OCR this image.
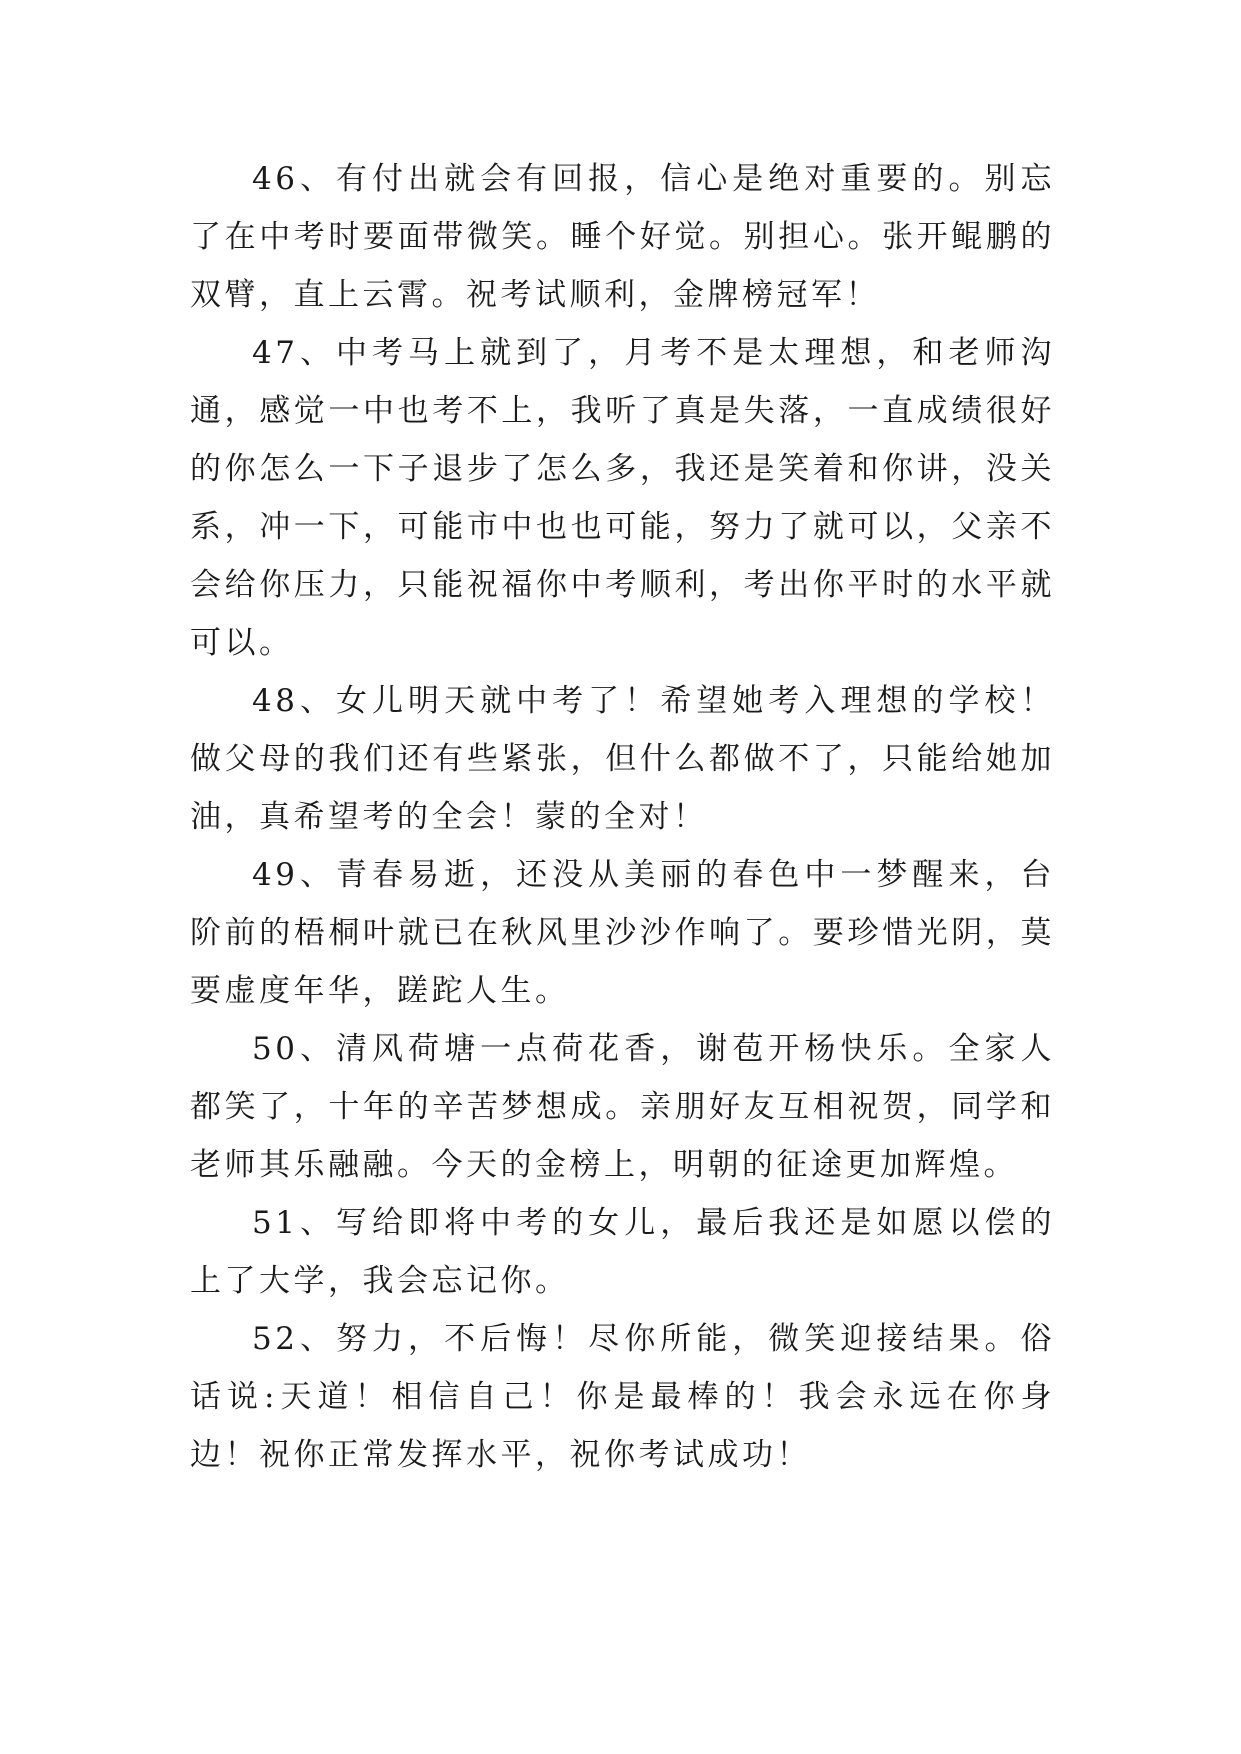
46、有付出就会有回报，信心是绝对重要的。别忘了在中考时要面带微笑。睡个好觉。别担心。张开鲲鹏的双臂，直上云霄。祝考试顺利，金牌榜冠军！

47、中考马上就到了，月考不是太理想，和老师沟通，感觉一中也考不上，我听了真是失落，一直成绩很好的你怎么一下子退步了怎么多，我还是笑着和你讲，没关系，冲一下，可能市中也也可能，努力了就可以，父亲不会给你压力，只能祝福你中考顺利，考出你平时的水平就可以。

48、女儿明天就中考了！希望她考入理想的学校！做父母的我们还有些紧张，但什么都做不了，只能给她加油，真希望考的全会！蒙的全对！

49、青春易逝，还没从美丽的春色中一梦醒来，台阶前的梧桐叶就已在秋风里沙沙作响了。要珍惜光阴，莫要虚度年华，蹉跎人生。

50、清风荷塘一点荷花香，谢苞开杨快乐。全家人都笑了，十年的辛苦梦想成。亲朋好友互相祝贺，同学和老师其乐融融。今天的金榜上，明朝的征途更加辉煌。

51、写给即将中考的女儿，最后我还是如愿以偿的上了大学，我会忘记你。

52、努力，不后悔！尽你所能，微笑迎接结果。俗话说:天道！相信自己！你是最棒的！我会永远在你身边！祝你正常发挥水平，祝你考试成功！
